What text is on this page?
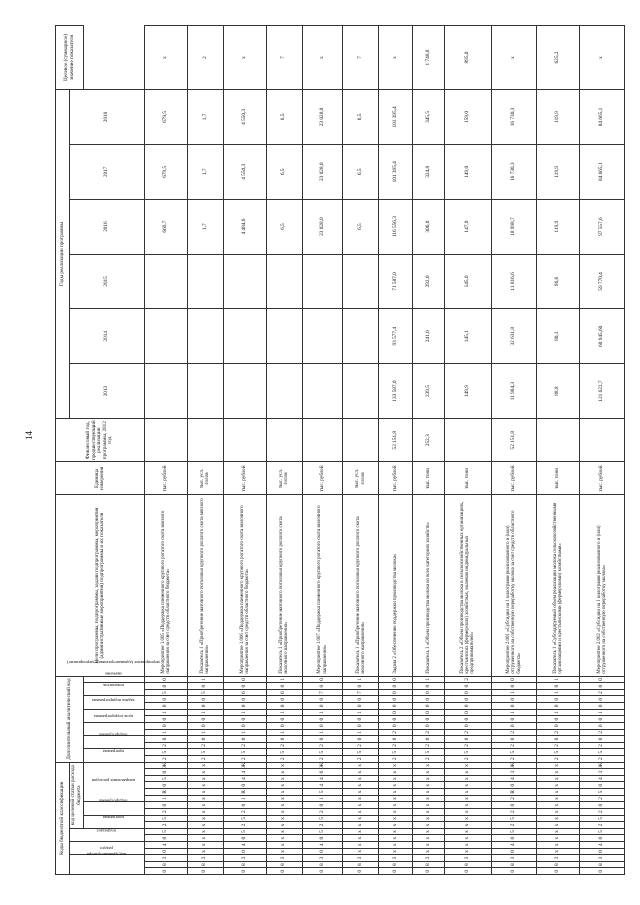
14
Коды бюджетной классификации																	Дополнительный аналитический код													Цели программы, подпрограммы, задачи подпрограммы, мероприятия (административные мероприятия) подпрограммы и их показатели	Единица измерения	Финансовый год, предшествующий реализации программы, 2012 год	Годы реализации программы						Целевое (суммарное) значение показателя
код администратора			раздел		подраздел		код целевой статьи расхода бюджета																										2013	2014	2015	2016	2017	2018	
							программа		подпрограмма		направление расходов						программа		подпрограмма		цель подпрограммы		задача подпрограммы		мероприятие (административное мероприятие)		показатель		значение										
0	8	3	0	4	0	5	2	5	2	0	1	R	0	5	0	Ж	2	5	2	0	1	0	0	1	0	0	5	0	0	Мероприятие 1.005 «Поддержка племенного крупного рогатого скота мясного направления за счет средств областного бюджета»	тыс. рублей					669,7	679,5	679,5	x
0	8	3	x	x	x	x	x	x	x	x	x	x	x	x	x	x	2	5	2	0	1	0	0	1	0	0	5	0	1	Показатель 1 «Приобретение маточного поголовья крупного рогатого скота мясного направления»	тыс. усл. голов					1,7	1,7	1,7	2
0	8	3	0	4	0	5	2	5	2	0	1	R	0	4	4	Ж	2	5	2	0	1	0	0	1	0	0	6	0	0	Мероприятие 1.006 «Поддержка племенного крупного рогатого скота молочного направления за счет средств областного бюджета»	тыс. рублей					4 484,6	4 550,3	4 550,3	x
0	8	3	x	x	x	x	x	x	x	x	x	x	x	x	x	x	2	5	2	0	1	0	0	1	0	0	6	0	1	Показатель 1 «Приобретение маточного поголовья крупного рогатого скота молочного направления»	тыс. усл. голов					6,5	6,5	6,5	7
0	8	3	0	4	0	5	2	5	2	0	1	5	4	4	6	Ж	2	5	2	0	1	0	0	1	0	0	7	0	0	Мероприятие 1.007 «Поддержка племенного крупного рогатого скота молочного направления»	тыс. рублей					23 028,0	23 028,0	23 028,0	x
0	8	3	x	x	x	x	x	x	x	x	x	x	x	x	x	x	2	5	2	0	1	0	0	1	0	0	7	0	1	Показатель 1 «Приобретение маточного поголовья крупного рогатого скота молочного направления»	тыс. усл. голов					6,5	6,5	6,5	7
0	8	3	x	x	x	x	x	x	x	x	x	x	x	x	x	x	2	5	2	0	2	0	0	0	0	0	0	0	0	Задача 2 «Обеспечение поддержки производства молока»	тыс. рублей	52 151,8	133 587,0	93 577,4	71 587,0	116 556,3	101 395,4	101 395,4	x
0	8	3	x	x	x	x	x	x	x	x	x	x	x	x	x	x	2	5	2	0	2	0	0	0	0	0	0	0	1	Показатель 1 «Объем производства молока во всех категориях хозяйств»	тыс. тонн	252,3	239,5	241,0	292,0	306,0	324,8	345,5	1 748,8
0	8	3	x	x	x	x	x	x	x	x	x	x	x	x	x	x	2	5	2	0	2	0	0	0	0	0	0	0	2	Показатель 2 «Объем производства молока в сельскохозяйственных организациях, крестьянских (фермерских) хозяйствах, включая индивидуальных предпринимателей»	тыс. тонн		149,9	145,1	145,0	147,0	149,0	159,0	895,0
0	8	3	0	4	0	5	2	5	2	0	2	R	0	4	3	Ж	2	5	2	0	2	0	0	1	0	0	1	0	0	Мероприятие 2.001 «Субсидии на 1 килограмм реализованного и (или) отгруженного на собственную переработку молока за счет средств областного бюджета»	тыс. рублей	52 151,8	11 964,3	32 631,8	11 816,6	18 998,7	16 730,3	16 730,3	x
0	8	3	x	x	x	x	x	x	x	x	x	x	x	x	x	x	2	5	2	0	2	0	0	1	0	0	1	0	1	Показатель 1 «Субсидируемый объем реализации молока сельскохозяйственными организациями и крестьянскими (фермерскими) хозяйствами»	тыс. тонн		88,8	80,1	96,6	119,9	119,9	119,9	625,2
0	8	3	0	4	0	5	2	5	2	0	2	5	0	4	3	Ж	2	5	2	0	2	0	0	1	0	0	2	0	0	Мероприятие 2.002 «Субсидии на 1 килограмм реализованного и (или) отгруженного на собственную переработку молока»	тыс. рублей		121 622,7	60 945,60	59 770,4	97 557,6	84 665,1	84 665,1	x
